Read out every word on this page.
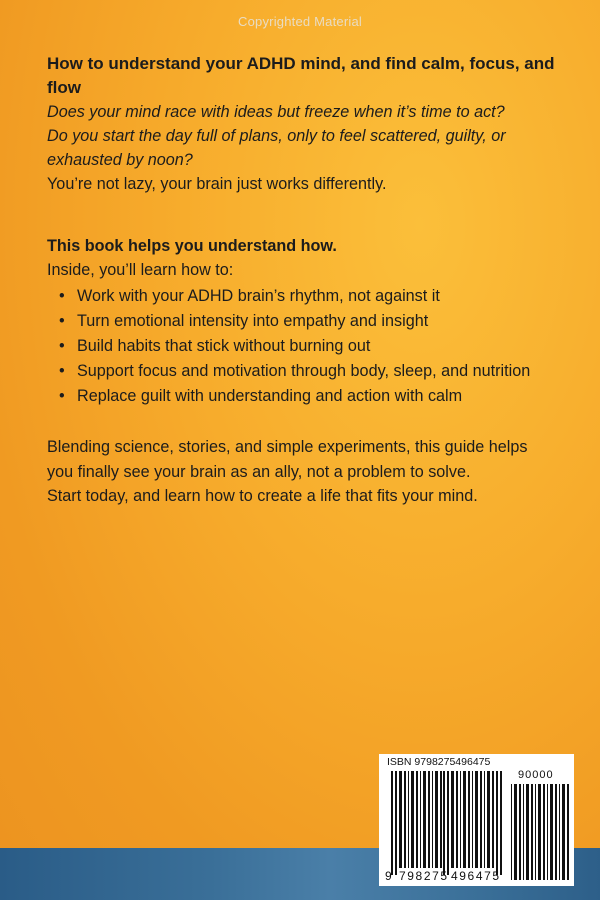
Copyrighted Material

How to understand your ADHD mind, and find calm, focus, and flow

Does your mind race with ideas but freeze when it’s time to act?

Do you start the day full of plans, only to feel scattered, guilty, or

exhausted by noon?

You’re not lazy, your brain just works differently.

This book helps you understand how.

Inside, you’ll learn how to:

• Work with your ADHD brain’s rhythm, not against it
• Turn emotional intensity into empathy and insight
• Build habits that stick without burning out
• Support focus and motivation through body, sleep, and nutrition
• Replace guilt with understanding and action with calm

Blending science, stories, and simple experiments, this guide helps

you finally see your brain as an ally, not a problem to solve.

Start today, and learn how to create a life that fits your mind.

ISBN 9798275496475
90000
9 798275 496475
